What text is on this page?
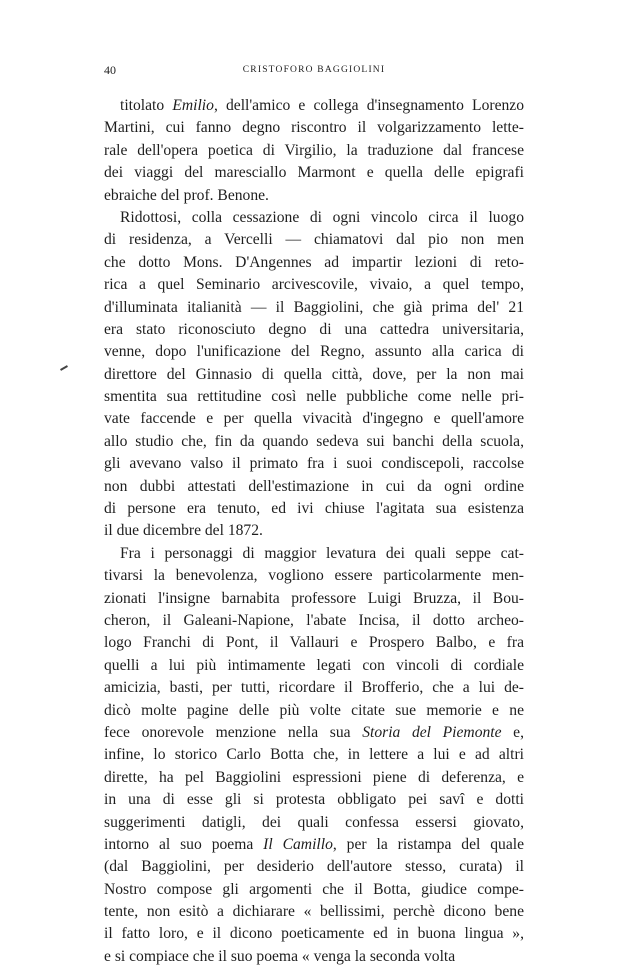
40	CRISTOFORO BAGGIOLINI
titolato Emilio, dell'amico e collega d'insegnamento Lorenzo
Martini, cui fanno degno riscontro il volgarizzamento lette-
rale dell'opera poetica di Virgilio, la traduzione dal francese
dei viaggi del maresciallo Marmont e quella delle epigrafi
ebraiche del prof. Benone.
Ridottosi, colla cessazione di ogni vincolo circa il luogo
di residenza, a Vercelli — chiamatovi dal pio non men
che dotto Mons. D'Angennes ad impartir lezioni di reto-
rica a quel Seminario arcivescovile, vivaio, a quel tempo,
d'illuminata italianità — il Baggiolini, che già prima del' 21
era stato riconosciuto degno di una cattedra universitaria,
venne, dopo l'unificazione del Regno, assunto alla carica di
direttore del Ginnasio di quella città, dove, per la non mai
smentita sua rettitudine così nelle pubbliche come nelle pri-
vate faccende e per quella vivacità d'ingegno e quell'amore
allo studio che, fin da quando sedeva sui banchi della scuola,
gli avevano valso il primato fra i suoi condiscepoli, raccolse
non dubbi attestati dell'estimazione in cui da ogni ordine
di persone era tenuto, ed ivi chiuse l'agitata sua esistenza
il due dicembre del 1872.
Fra i personaggi di maggior levatura dei quali seppe cat-
tivarsi la benevolenza, vogliono essere particolarmente men-
zionati l'insigne barnabita professore Luigi Bruzza, il Bou-
cheron, il Galeani-Napione, l'abate Incisa, il dotto archeo-
logo Franchi di Pont, il Vallauri e Prospero Balbo, e fra
quelli a lui più intimamente legati con vincoli di cordiale
amicizia, basti, per tutti, ricordare il Brofferio, che a lui de-
dicò molte pagine delle più volte citate sue memorie e ne
fece onorevole menzione nella sua Storia del Piemonte e,
infine, lo storico Carlo Botta che, in lettere a lui e ad altri
dirette, ha pel Baggiolini espressioni piene di deferenza, e
in una di esse gli si protesta obbligato pei savî e dotti
suggerimenti datigli, dei quali confessa essersi giovato,
intorno al suo poema Il Camillo, per la ristampa del quale
(dal Baggiolini, per desiderio dell'autore stesso, curata) il
Nostro compose gli argomenti che il Botta, giudice compe-
tente, non esitò a dichiarare « bellissimi, perchè dicono bene
il fatto loro, e il dicono poeticamente ed in buona lingua »,
e si compiace che il suo poema « venga la seconda volta
